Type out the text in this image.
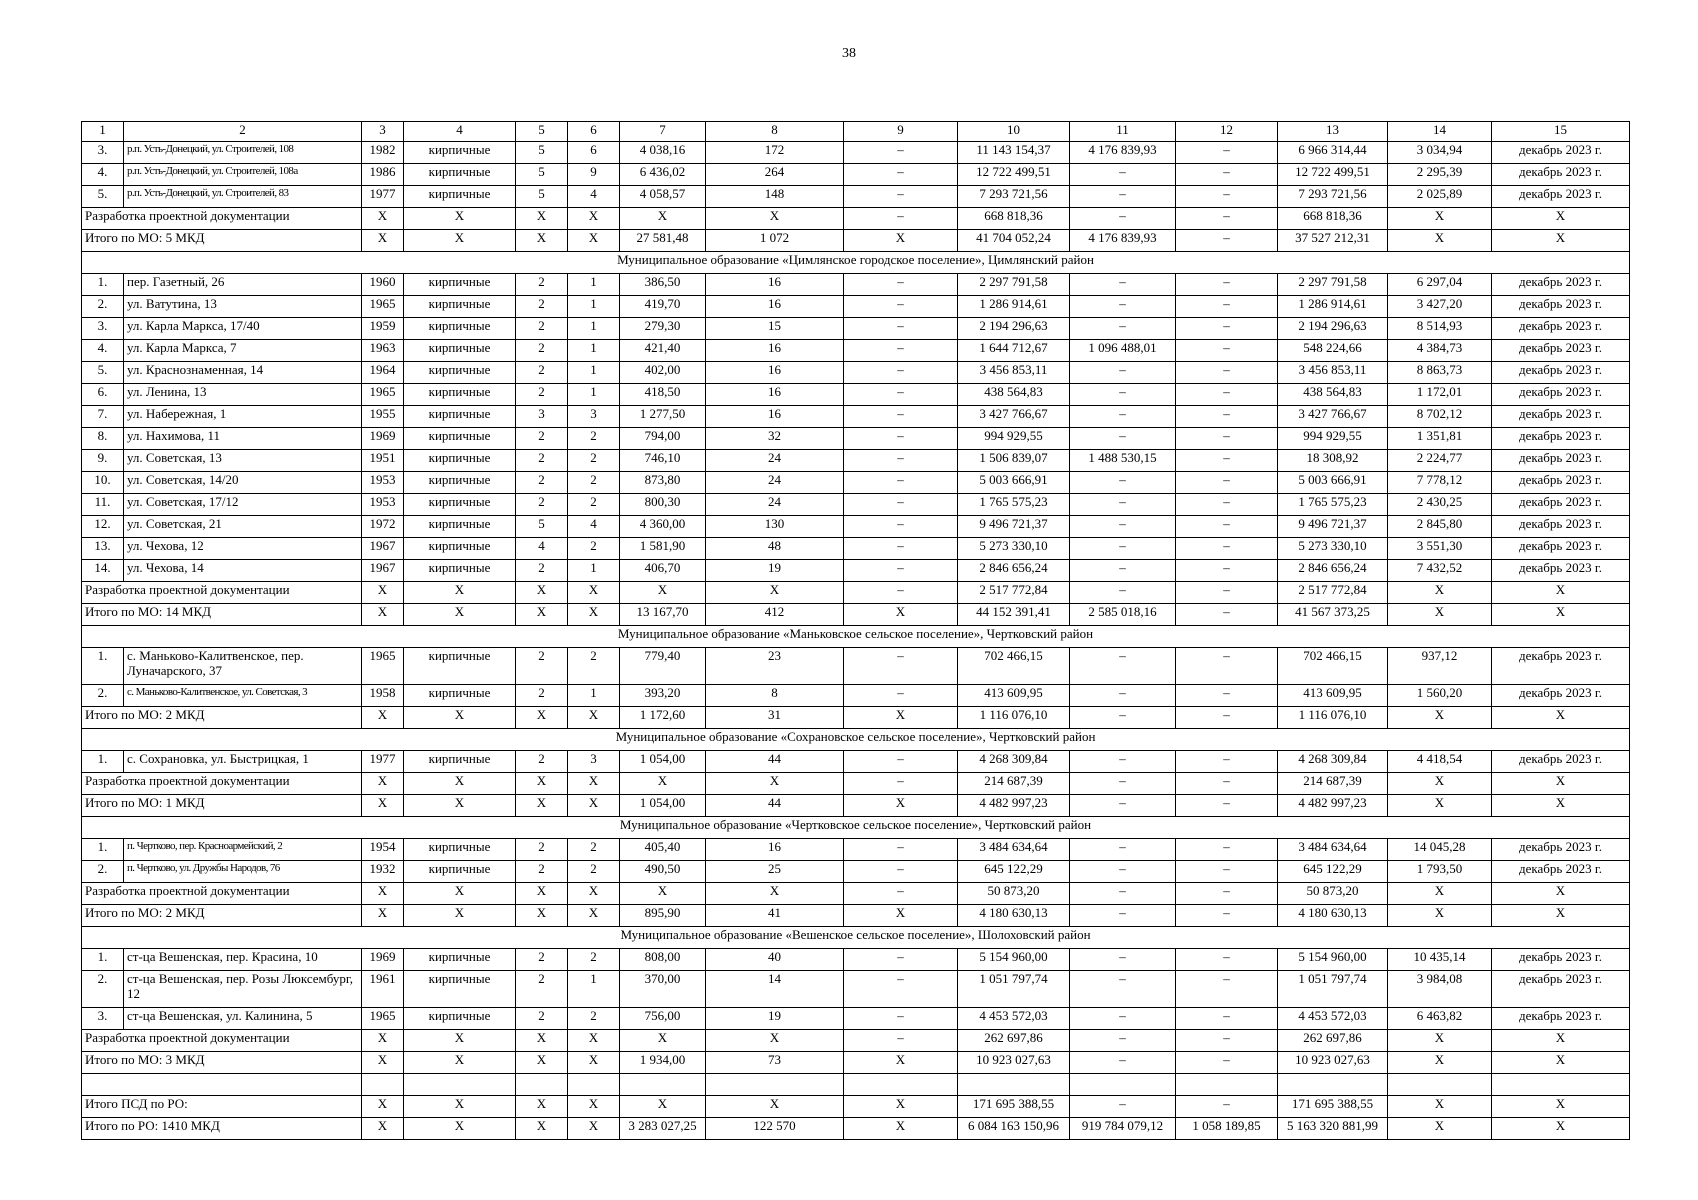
38
1	2	3	4	5	6	7	8	9	10	11	12	13	14	15
3.	р.п. Усть-Донецкий, ул. Строителей, 108	1982	кирпичные	5	6	4 038,16	172	–	11 143 154,37	4 176 839,93	–	6 966 314,44	3 034,94	декабрь 2023 г.
4.	р.п. Усть-Донецкий, ул. Строителей, 108а	1986	кирпичные	5	9	6 436,02	264	–	12 722 499,51	–	–	12 722 499,51	2 295,39	декабрь 2023 г.
5.	р.п. Усть-Донецкий, ул. Строителей, 83	1977	кирпичные	5	4	4 058,57	148	–	7 293 721,56	–	–	7 293 721,56	2 025,89	декабрь 2023 г.
Разработка проектной документации		X	X	X	X	X	X	–	668 818,36	–	–	668 818,36	X	X
Итого по МО: 5 МКД		X	X	X	X	27 581,48	1 072	X	41 704 052,24	4 176 839,93	–	37 527 212,31	X	X
Муниципальное образование «Цимлянское городское поселение», Цимлянский район														
1.	пер. Газетный, 26	1960	кирпичные	2	1	386,50	16	–	2 297 791,58	–	–	2 297 791,58	6 297,04	декабрь 2023 г.
2.	ул. Ватутина, 13	1965	кирпичные	2	1	419,70	16	–	1 286 914,61	–	–	1 286 914,61	3 427,20	декабрь 2023 г.
3.	ул. Карла Маркса, 17/40	1959	кирпичные	2	1	279,30	15	–	2 194 296,63	–	–	2 194 296,63	8 514,93	декабрь 2023 г.
4.	ул. Карла Маркса, 7	1963	кирпичные	2	1	421,40	16	–	1 644 712,67	1 096 488,01	–	548 224,66	4 384,73	декабрь 2023 г.
5.	ул. Краснознаменная, 14	1964	кирпичные	2	1	402,00	16	–	3 456 853,11	–	–	3 456 853,11	8 863,73	декабрь 2023 г.
6.	ул. Ленина, 13	1965	кирпичные	2	1	418,50	16	–	438 564,83	–	–	438 564,83	1 172,01	декабрь 2023 г.
7.	ул. Набережная, 1	1955	кирпичные	3	3	1 277,50	16	–	3 427 766,67	–	–	3 427 766,67	8 702,12	декабрь 2023 г.
8.	ул. Нахимова, 11	1969	кирпичные	2	2	794,00	32	–	994 929,55	–	–	994 929,55	1 351,81	декабрь 2023 г.
9.	ул. Советская, 13	1951	кирпичные	2	2	746,10	24	–	1 506 839,07	1 488 530,15	–	18 308,92	2 224,77	декабрь 2023 г.
10.	ул. Советская, 14/20	1953	кирпичные	2	2	873,80	24	–	5 003 666,91	–	–	5 003 666,91	7 778,12	декабрь 2023 г.
11.	ул. Советская, 17/12	1953	кирпичные	2	2	800,30	24	–	1 765 575,23	–	–	1 765 575,23	2 430,25	декабрь 2023 г.
12.	ул. Советская, 21	1972	кирпичные	5	4	4 360,00	130	–	9 496 721,37	–	–	9 496 721,37	2 845,80	декабрь 2023 г.
13.	ул. Чехова, 12	1967	кирпичные	4	2	1 581,90	48	–	5 273 330,10	–	–	5 273 330,10	3 551,30	декабрь 2023 г.
14.	ул. Чехова, 14	1967	кирпичные	2	1	406,70	19	–	2 846 656,24	–	–	2 846 656,24	7 432,52	декабрь 2023 г.
Разработка проектной документации		X	X	X	X	X	X	–	2 517 772,84	–	–	2 517 772,84	X	X
Итого по МО: 14 МКД		X	X	X	X	13 167,70	412	X	44 152 391,41	2 585 018,16	–	41 567 373,25	X	X
Муниципальное образование «Маньковское сельское поселение», Чертковский район														
1.	с. Маньково-Калитвенское, пер. Луначарского, 37	1965	кирпичные	2	2	779,40	23	–	702 466,15	–	–	702 466,15	937,12	декабрь 2023 г.
2.	с. Маньково-Калитвенское, ул. Советская, 3	1958	кирпичные	2	1	393,20	8	–	413 609,95	–	–	413 609,95	1 560,20	декабрь 2023 г.
Итого по МО: 2 МКД		X	X	X	X	1 172,60	31	X	1 116 076,10	–	–	1 116 076,10	X	X
Муниципальное образование «Сохрановское сельское поселение», Чертковский район														
1.	с. Сохрановка, ул. Быстрицкая, 1	1977	кирпичные	2	3	1 054,00	44	–	4 268 309,84	–	–	4 268 309,84	4 418,54	декабрь 2023 г.
Разработка проектной документации		X	X	X	X	X	X	–	214 687,39	–	–	214 687,39	X	X
Итого по МО: 1 МКД		X	X	X	X	1 054,00	44	X	4 482 997,23	–	–	4 482 997,23	X	X
Муниципальное образование «Чертковское сельское поселение», Чертковский район														
1.	п. Чертково, пер. Красноармейский, 2	1954	кирпичные	2	2	405,40	16	–	3 484 634,64	–	–	3 484 634,64	14 045,28	декабрь 2023 г.
2.	п. Чертково, ул. Дружбы Народов, 76	1932	кирпичные	2	2	490,50	25	–	645 122,29	–	–	645 122,29	1 793,50	декабрь 2023 г.
Разработка проектной документации		X	X	X	X	X	X	–	50 873,20	–	–	50 873,20	X	X
Итого по МО: 2 МКД		X	X	X	X	895,90	41	X	4 180 630,13	–	–	4 180 630,13	X	X
Муниципальное образование «Вешенское сельское поселение», Шолоховский район														
1.	ст-ца Вешенская, пер. Красина, 10	1969	кирпичные	2	2	808,00	40	–	5 154 960,00	–	–	5 154 960,00	10 435,14	декабрь 2023 г.
2.	ст-ца Вешенская, пер. Розы Люксембург, 12	1961	кирпичные	2	1	370,00	14	–	1 051 797,74	–	–	1 051 797,74	3 984,08	декабрь 2023 г.
3.	ст-ца Вешенская, ул. Калинина, 5	1965	кирпичные	2	2	756,00	19	–	4 453 572,03	–	–	4 453 572,03	6 463,82	декабрь 2023 г.
Разработка проектной документации		X	X	X	X	X	X	–	262 697,86	–	–	262 697,86	X	X
Итого по МО: 3 МКД		X	X	X	X	1 934,00	73	X	10 923 027,63	–	–	10 923 027,63	X	X

Итого ПСД по РО:		X	X	X	X	X	X	X	171 695 388,55	–	–	171 695 388,55	X	X
Итого по РО: 1410 МКД		X	X	X	X	3 283 027,25	122 570	X	6 084 163 150,96	919 784 079,12	1 058 189,85	5 163 320 881,99	X	X
